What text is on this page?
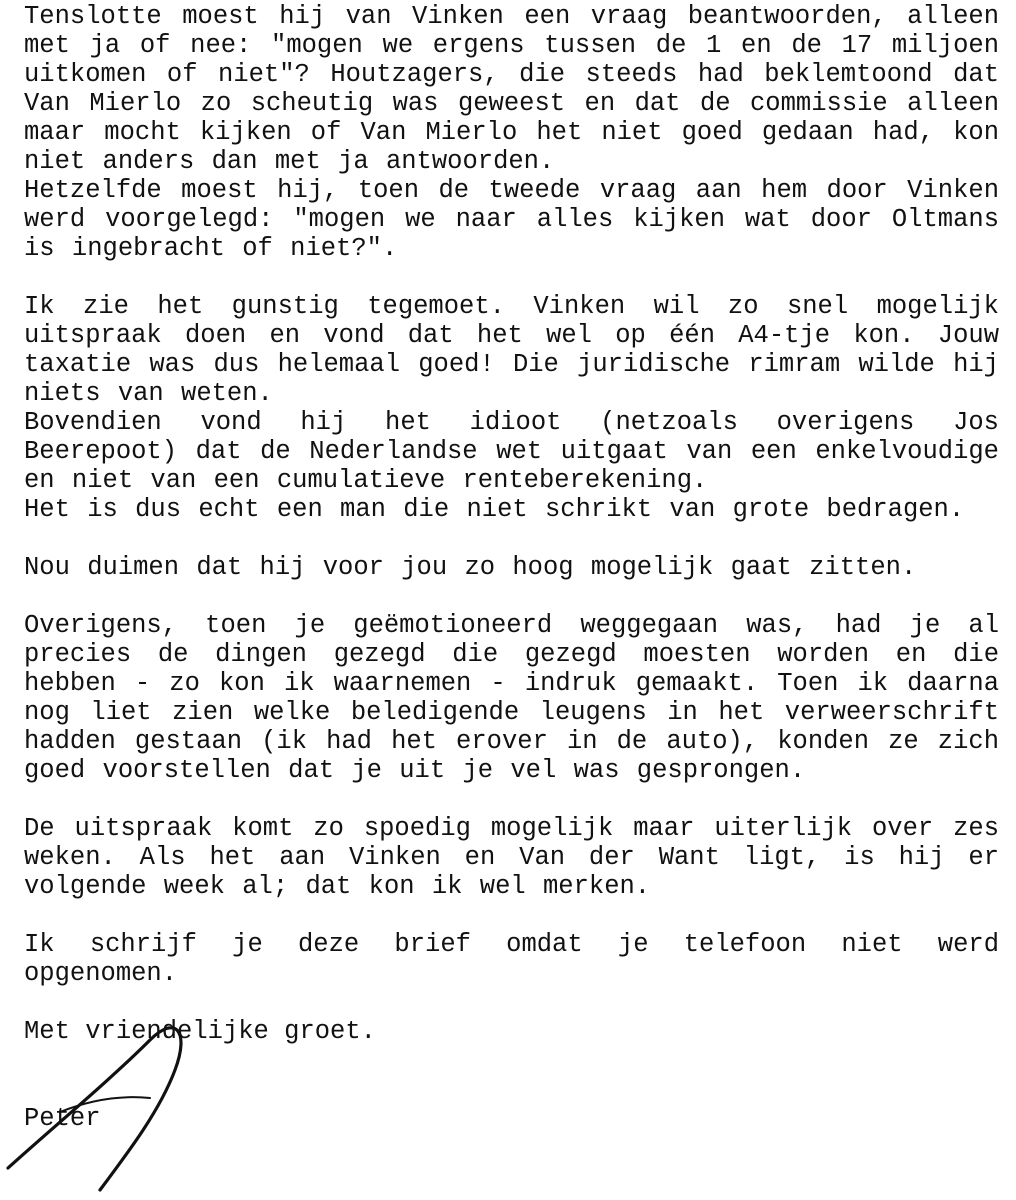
Tenslotte moest hij van Vinken een vraag beantwoorden, alleen met ja of nee: "mogen we ergens tussen de 1 en de 17 miljoen uitkomen of niet"? Houtzagers, die steeds had beklemtoond dat Van Mierlo zo scheutig was geweest en dat de commissie alleen maar mocht kijken of Van Mierlo het niet goed gedaan had, kon niet anders dan met ja antwoorden.

Hetzelfde moest hij, toen de tweede vraag aan hem door Vinken werd voorgelegd: "mogen we naar alles kijken wat door Oltmans is ingebracht of niet?".

Ik zie het gunstig tegemoet. Vinken wil zo snel mogelijk uitspraak doen en vond dat het wel op één A4-tje kon. Jouw taxatie was dus helemaal goed! Die juridische rimram wilde hij niets van weten.

Bovendien vond hij het idioot (netzoals overigens Jos Beerepoot) dat de Nederlandse wet uitgaat van een enkelvoudige en niet van een cumulatieve renteberekening.

Het is dus echt een man die niet schrikt van grote bedragen.

Nou duimen dat hij voor jou zo hoog mogelijk gaat zitten.

Overigens, toen je geëmotioneerd weggegaan was, had je al precies de dingen gezegd die gezegd moesten worden en die hebben - zo kon ik waarnemen - indruk gemaakt. Toen ik daarna nog liet zien welke beledigende leugens in het verweerschrift hadden gestaan (ik had het erover in de auto), konden ze zich goed voorstellen dat je uit je vel was gesprongen.

De uitspraak komt zo spoedig mogelijk maar uiterlijk over zes weken. Als het aan Vinken en Van der Want ligt, is hij er volgende week al; dat kon ik wel merken.

Ik schrijf je deze brief omdat je telefoon niet werd opgenomen.

Met vriendelijke groet.

Peter
